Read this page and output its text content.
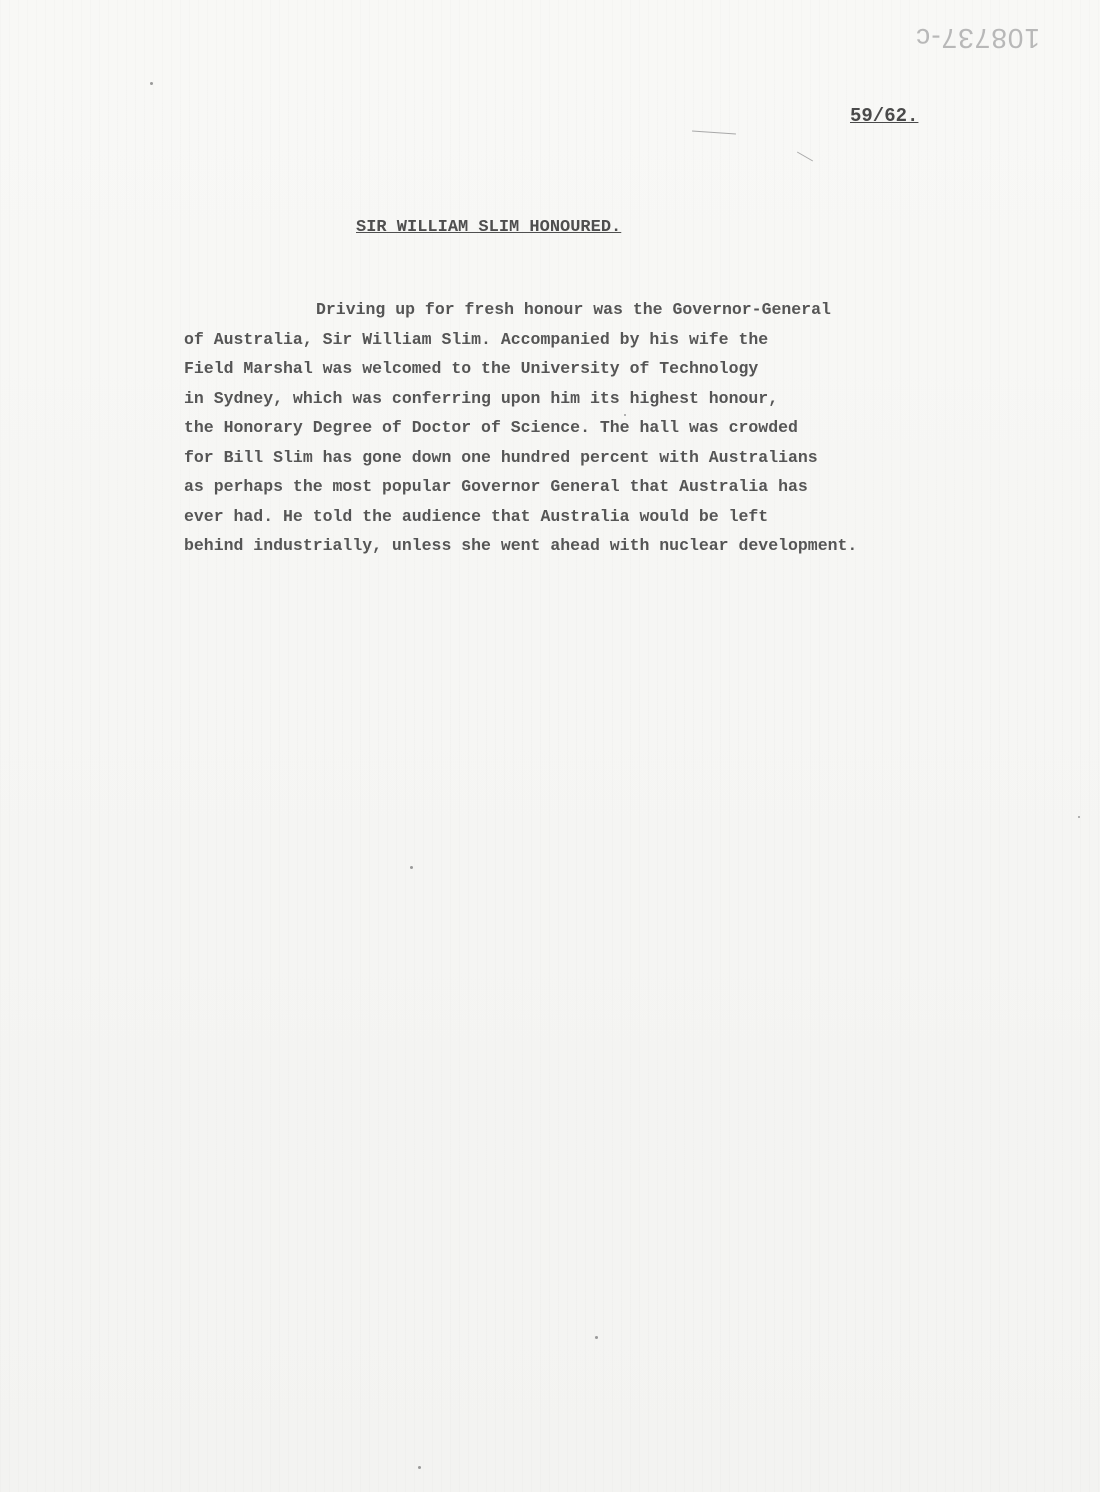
108737-c
59/62.
SIR WILLIAM SLIM HONOURED.
Driving up for fresh honour was the Governor-General
of Australia, Sir William Slim. Accompanied by his wife the
Field Marshal was welcomed to the University of Technology
in Sydney, which was conferring upon him its highest honour,
the Honorary Degree of Doctor of Science. The hall was crowded
for Bill Slim has gone down one hundred percent with Australians
as perhaps the most popular Governor General that Australia has
ever had. He told the audience that Australia would be left
behind industrially, unless she went ahead with nuclear development.
